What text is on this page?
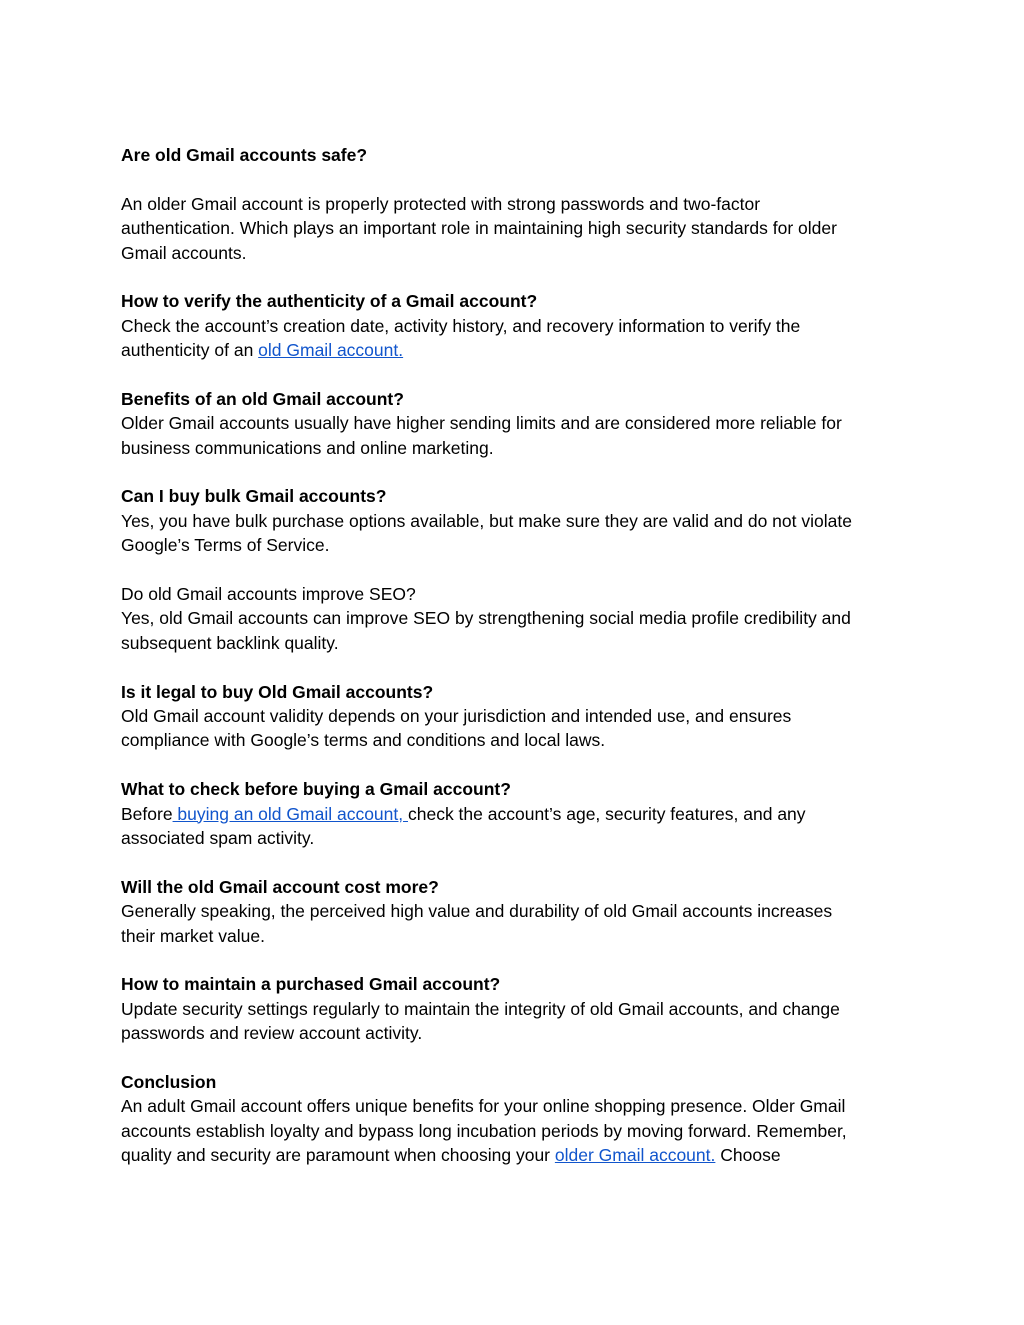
Are old Gmail accounts safe?
An older Gmail account is properly protected with strong passwords and two-factor
authentication. Which plays an important role in maintaining high security standards for older
Gmail accounts.
How to verify the authenticity of a Gmail account?
Check the account’s creation date, activity history, and recovery information to verify the
authenticity of an old Gmail account.
Benefits of an old Gmail account?
Older Gmail accounts usually have higher sending limits and are considered more reliable for
business communications and online marketing.
Can I buy bulk Gmail accounts?
Yes, you have bulk purchase options available, but make sure they are valid and do not violate
Google’s Terms of Service.
Do old Gmail accounts improve SEO?
Yes, old Gmail accounts can improve SEO by strengthening social media profile credibility and
subsequent backlink quality.
Is it legal to buy Old Gmail accounts?
Old Gmail account validity depends on your jurisdiction and intended use, and ensures
compliance with Google’s terms and conditions and local laws.
What to check before buying a Gmail account?
Before buying an old Gmail account, check the account’s age, security features, and any
associated spam activity.
Will the old Gmail account cost more?
Generally speaking, the perceived high value and durability of old Gmail accounts increases
their market value.
How to maintain a purchased Gmail account?
Update security settings regularly to maintain the integrity of old Gmail accounts, and change
passwords and review account activity.
Conclusion
An adult Gmail account offers unique benefits for your online shopping presence. Older Gmail
accounts establish loyalty and bypass long incubation periods by moving forward. Remember,
quality and security are paramount when choosing your older Gmail account. Choose
